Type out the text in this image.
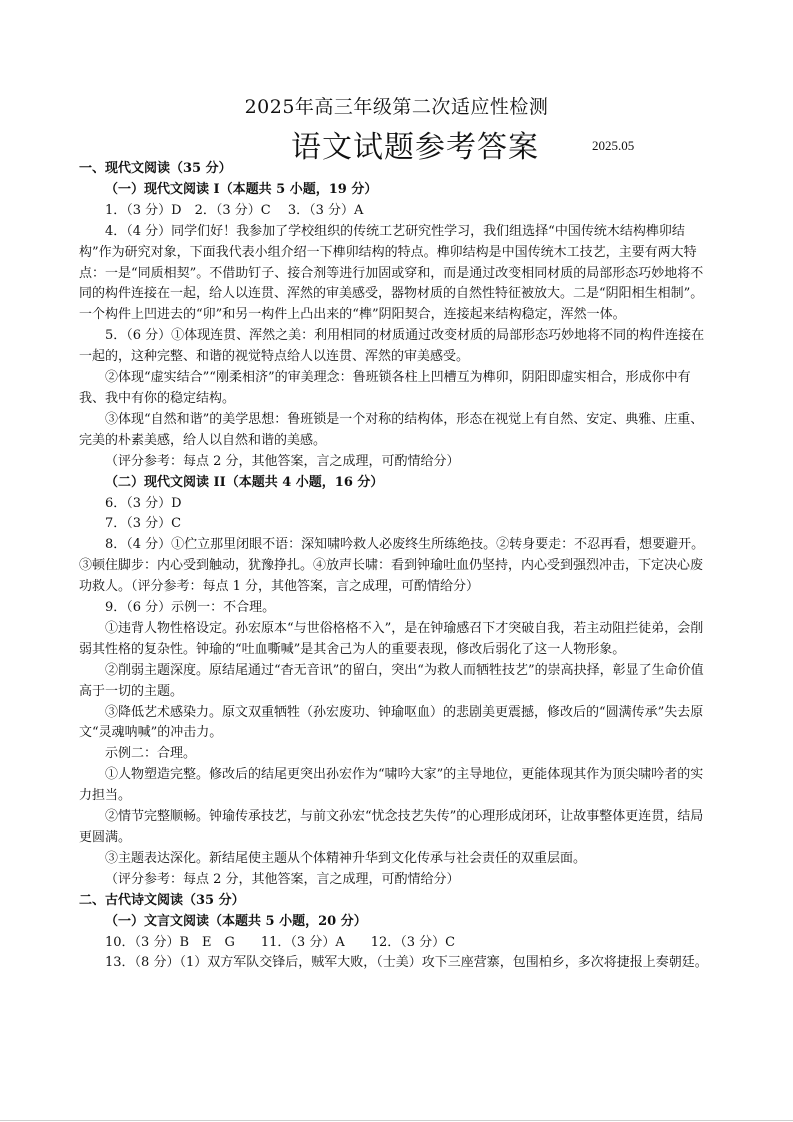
2025年高三年级第二次适应性检测
语文试题参考答案	2025.05

一、现代文阅读（35 分）

（一）现代文阅读 I（本题共 5 小题，19 分）

1．（3 分）D　2．（3 分）C　 3．（3 分）A

4．（4 分）同学们好！我参加了学校组织的传统工艺研究性学习，我们组选择“中国传统木结构榫卯结构”作为研究对象，下面我代表小组介绍一下榫卯结构的特点。榫卯结构是中国传统木工技艺，主要有两大特点：一是“同质相契”。不借助钉子、接合剂等进行加固或穿和，而是通过改变相同材质的局部形态巧妙地将不同的构件连接在一起，给人以连贯、浑然的审美感受，器物材质的自然性特征被放大。二是“阴阳相生相制”。一个构件上凹进去的“卯”和另一构件上凸出来的“榫”阴阳契合，连接起来结构稳定，浑然一体。

5．（6 分）①体现连贯、浑然之美：利用相同的材质通过改变材质的局部形态巧妙地将不同的构件连接在一起的，这种完整、和谐的视觉特点给人以连贯、浑然的审美感受。

②体现“虚实结合”“刚柔相济”的审美理念：鲁班锁各柱上凹槽互为榫卯，阴阳即虚实相合，形成你中有我、我中有你的稳定结构。

③体现“自然和谐”的美学思想：鲁班锁是一个对称的结构体，形态在视觉上有自然、安定、典雅、庄重、完美的朴素美感，给人以自然和谐的美感。

（评分参考：每点 2 分，其他答案，言之成理，可酌情给分）

（二）现代文阅读 II（本题共 4 小题，16 分）

6．（3 分）D

7．（3 分）C

8．（4 分）①伫立那里闭眼不语：深知啸吟救人必废终生所练绝技。②转身要走：不忍再看，想要避开。③顿住脚步：内心受到触动，犹豫挣扎。④放声长啸：看到钟瑜吐血仍坚持，内心受到强烈冲击，下定决心废功救人。（评分参考：每点 1 分，其他答案，言之成理，可酌情给分）

9．（6 分）示例一：不合理。

①违背人物性格设定。孙宏原本“与世俗格格不入”，是在钟瑜感召下才突破自我，若主动阻拦徒弟，会削弱其性格的复杂性。钟瑜的“吐血嘶喊”是其舍己为人的重要表现，修改后弱化了这一人物形象。

②削弱主题深度。原结尾通过“杳无音讯”的留白，突出“为救人而牺牲技艺”的崇高抉择，彰显了生命价值高于一切的主题。

③降低艺术感染力。原文双重牺牲（孙宏废功、钟瑜呕血）的悲剧美更震撼，修改后的“圆满传承”失去原文“灵魂呐喊”的冲击力。

示例二：合理。

①人物塑造完整。修改后的结尾更突出孙宏作为“啸吟大家”的主导地位，更能体现其作为顶尖啸吟者的实力担当。

②情节完整顺畅。钟瑜传承技艺，与前文孙宏“忧念技艺失传”的心理形成闭环，让故事整体更连贯，结局更圆满。

③主题表达深化。新结尾使主题从个体精神升华到文化传承与社会责任的双重层面。

（评分参考：每点 2 分，其他答案，言之成理，可酌情给分）

二、古代诗文阅读（35 分）

（一）文言文阅读（本题共 5 小题，20 分）

10．（3 分）B　E　G　　11．（3 分）A　　12．（3 分）C

13．（8 分）（1）双方军队交锋后，贼军大败，（士美）攻下三座营寨，包围柏乡，多次将捷报上奏朝廷。
